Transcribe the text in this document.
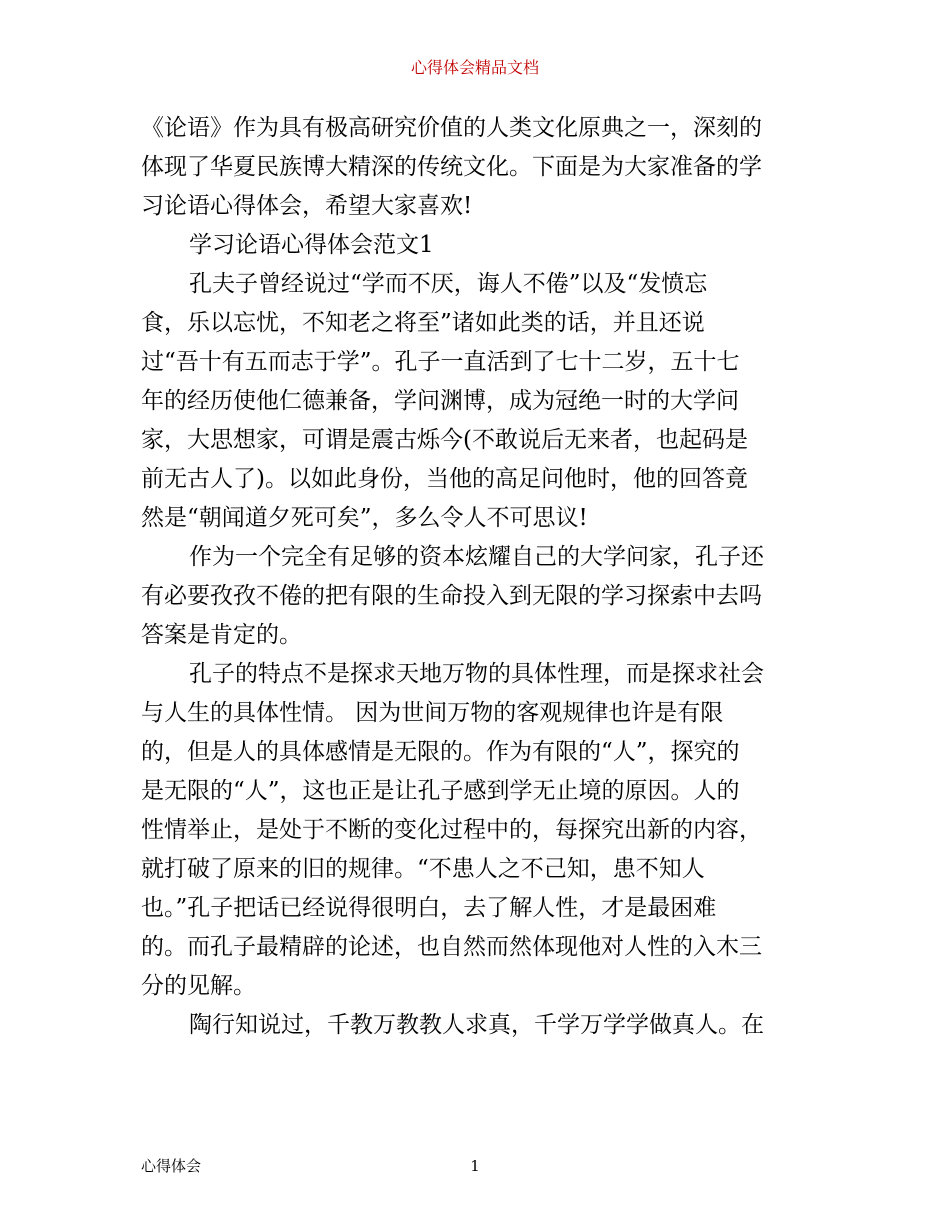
心得体会精品文档
《论语》作为具有极高研究价值的人类文化原典之一，深刻的
体现了华夏民族博大精深的传统文化。下面是为大家准备的学
习论语心得体会，希望大家喜欢!
学习论语心得体会范文1
孔夫子曾经说过“学而不厌，诲人不倦”以及“发愤忘
食，乐以忘忧，不知老之将至”诸如此类的话，并且还说
过“吾十有五而志于学”。孔子一直活到了七十二岁，五十七
年的经历使他仁德兼备，学问渊博，成为冠绝一时的大学问
家，大思想家，可谓是震古烁今(不敢说后无来者，也起码是
前无古人了)。以如此身份，当他的高足问他时，他的回答竟
然是“朝闻道夕死可矣”，多么令人不可思议!
作为一个完全有足够的资本炫耀自己的大学问家，孔子还
有必要孜孜不倦的把有限的生命投入到无限的学习探索中去吗
答案是肯定的。
孔子的特点不是探求天地万物的具体性理，而是探求社会
与人生的具体性情。 因为世间万物的客观规律也许是有限
的，但是人的具体感情是无限的。作为有限的“人”，探究的
是无限的“人”，这也正是让孔子感到学无止境的原因。人的
性情举止，是处于不断的变化过程中的，每探究出新的内容，
就打破了原来的旧的规律。“不患人之不己知，患不知人
也。”孔子把话已经说得很明白，去了解人性，才是最困难
的。而孔子最精辟的论述，也自然而然体现他对人性的入木三
分的见解。
陶行知说过，千教万教教人求真，千学万学学做真人。在
心得体会	1
